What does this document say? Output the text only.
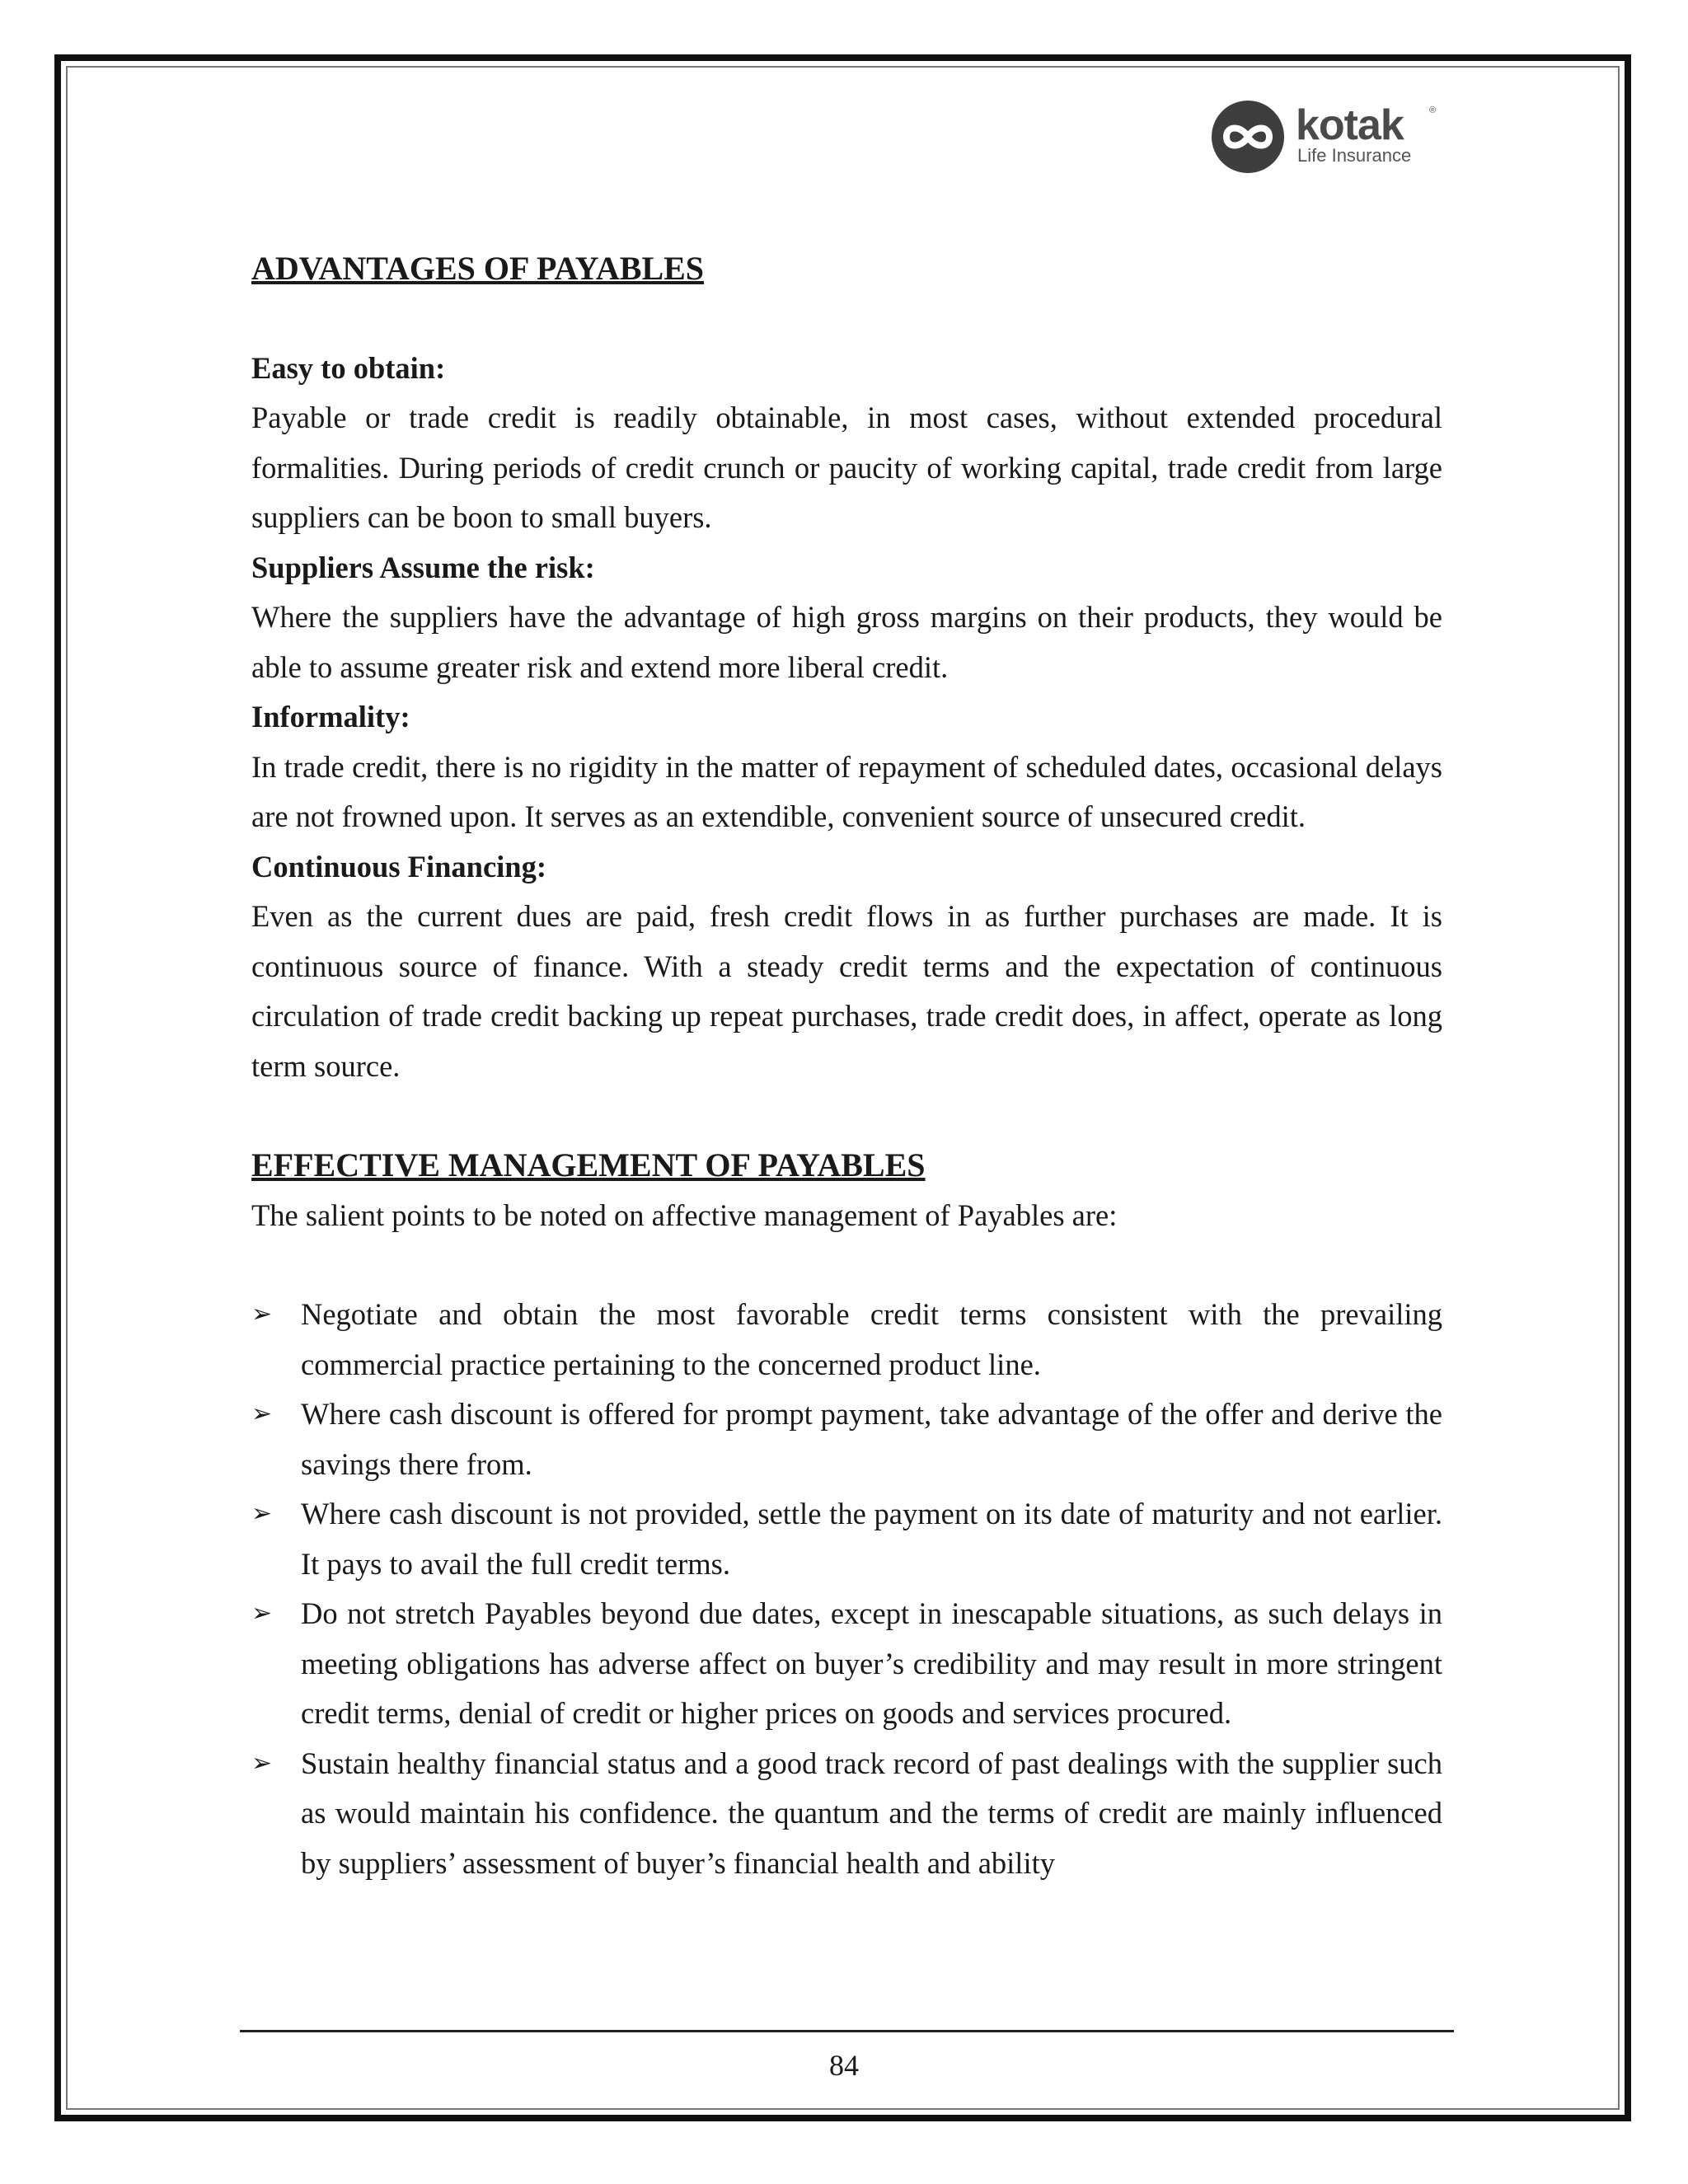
kotak	®
Life Insurance
ADVANTAGES OF PAYABLES

Easy to obtain:

Payable or trade credit is readily obtainable, in most cases, without extended procedural formalities. During periods of credit crunch or paucity of working capital, trade credit from large suppliers can be boon to small buyers.

Suppliers Assume the risk:

Where the suppliers have the advantage of high gross margins on their products, they would be able to assume greater risk and extend more liberal credit.

Informality:

In trade credit, there is no rigidity in the matter of repayment of scheduled dates, occasional delays are not frowned upon. It serves as an extendible, convenient source of unsecured credit.

Continuous Financing:

Even as the current dues are paid, fresh credit flows in as further purchases are made. It is continuous source of finance. With a steady credit terms and the expectation of continuous circulation of trade credit backing up repeat purchases, trade credit does, in affect, operate as long term source.

EFFECTIVE MANAGEMENT OF PAYABLES

The salient points to be noted on affective management of Payables are:

➢ Negotiate and obtain the most favorable credit terms consistent with the prevailing commercial practice pertaining to the concerned product line.
➢ Where cash discount is offered for prompt payment, take advantage of the offer and derive the savings there from.
➢ Where cash discount is not provided, settle the payment on its date of maturity and not earlier. It pays to avail the full credit terms.
➢ Do not stretch Payables beyond due dates, except in inescapable situations, as such delays in meeting obligations has adverse affect on buyer’s credibility and may result in more stringent credit terms, denial of credit or higher prices on goods and services procured.
➢ Sustain healthy financial status and a good track record of past dealings with the supplier such as would maintain his confidence. the quantum and the terms of credit are mainly influenced by suppliers’ assessment of buyer’s financial health and ability
84
